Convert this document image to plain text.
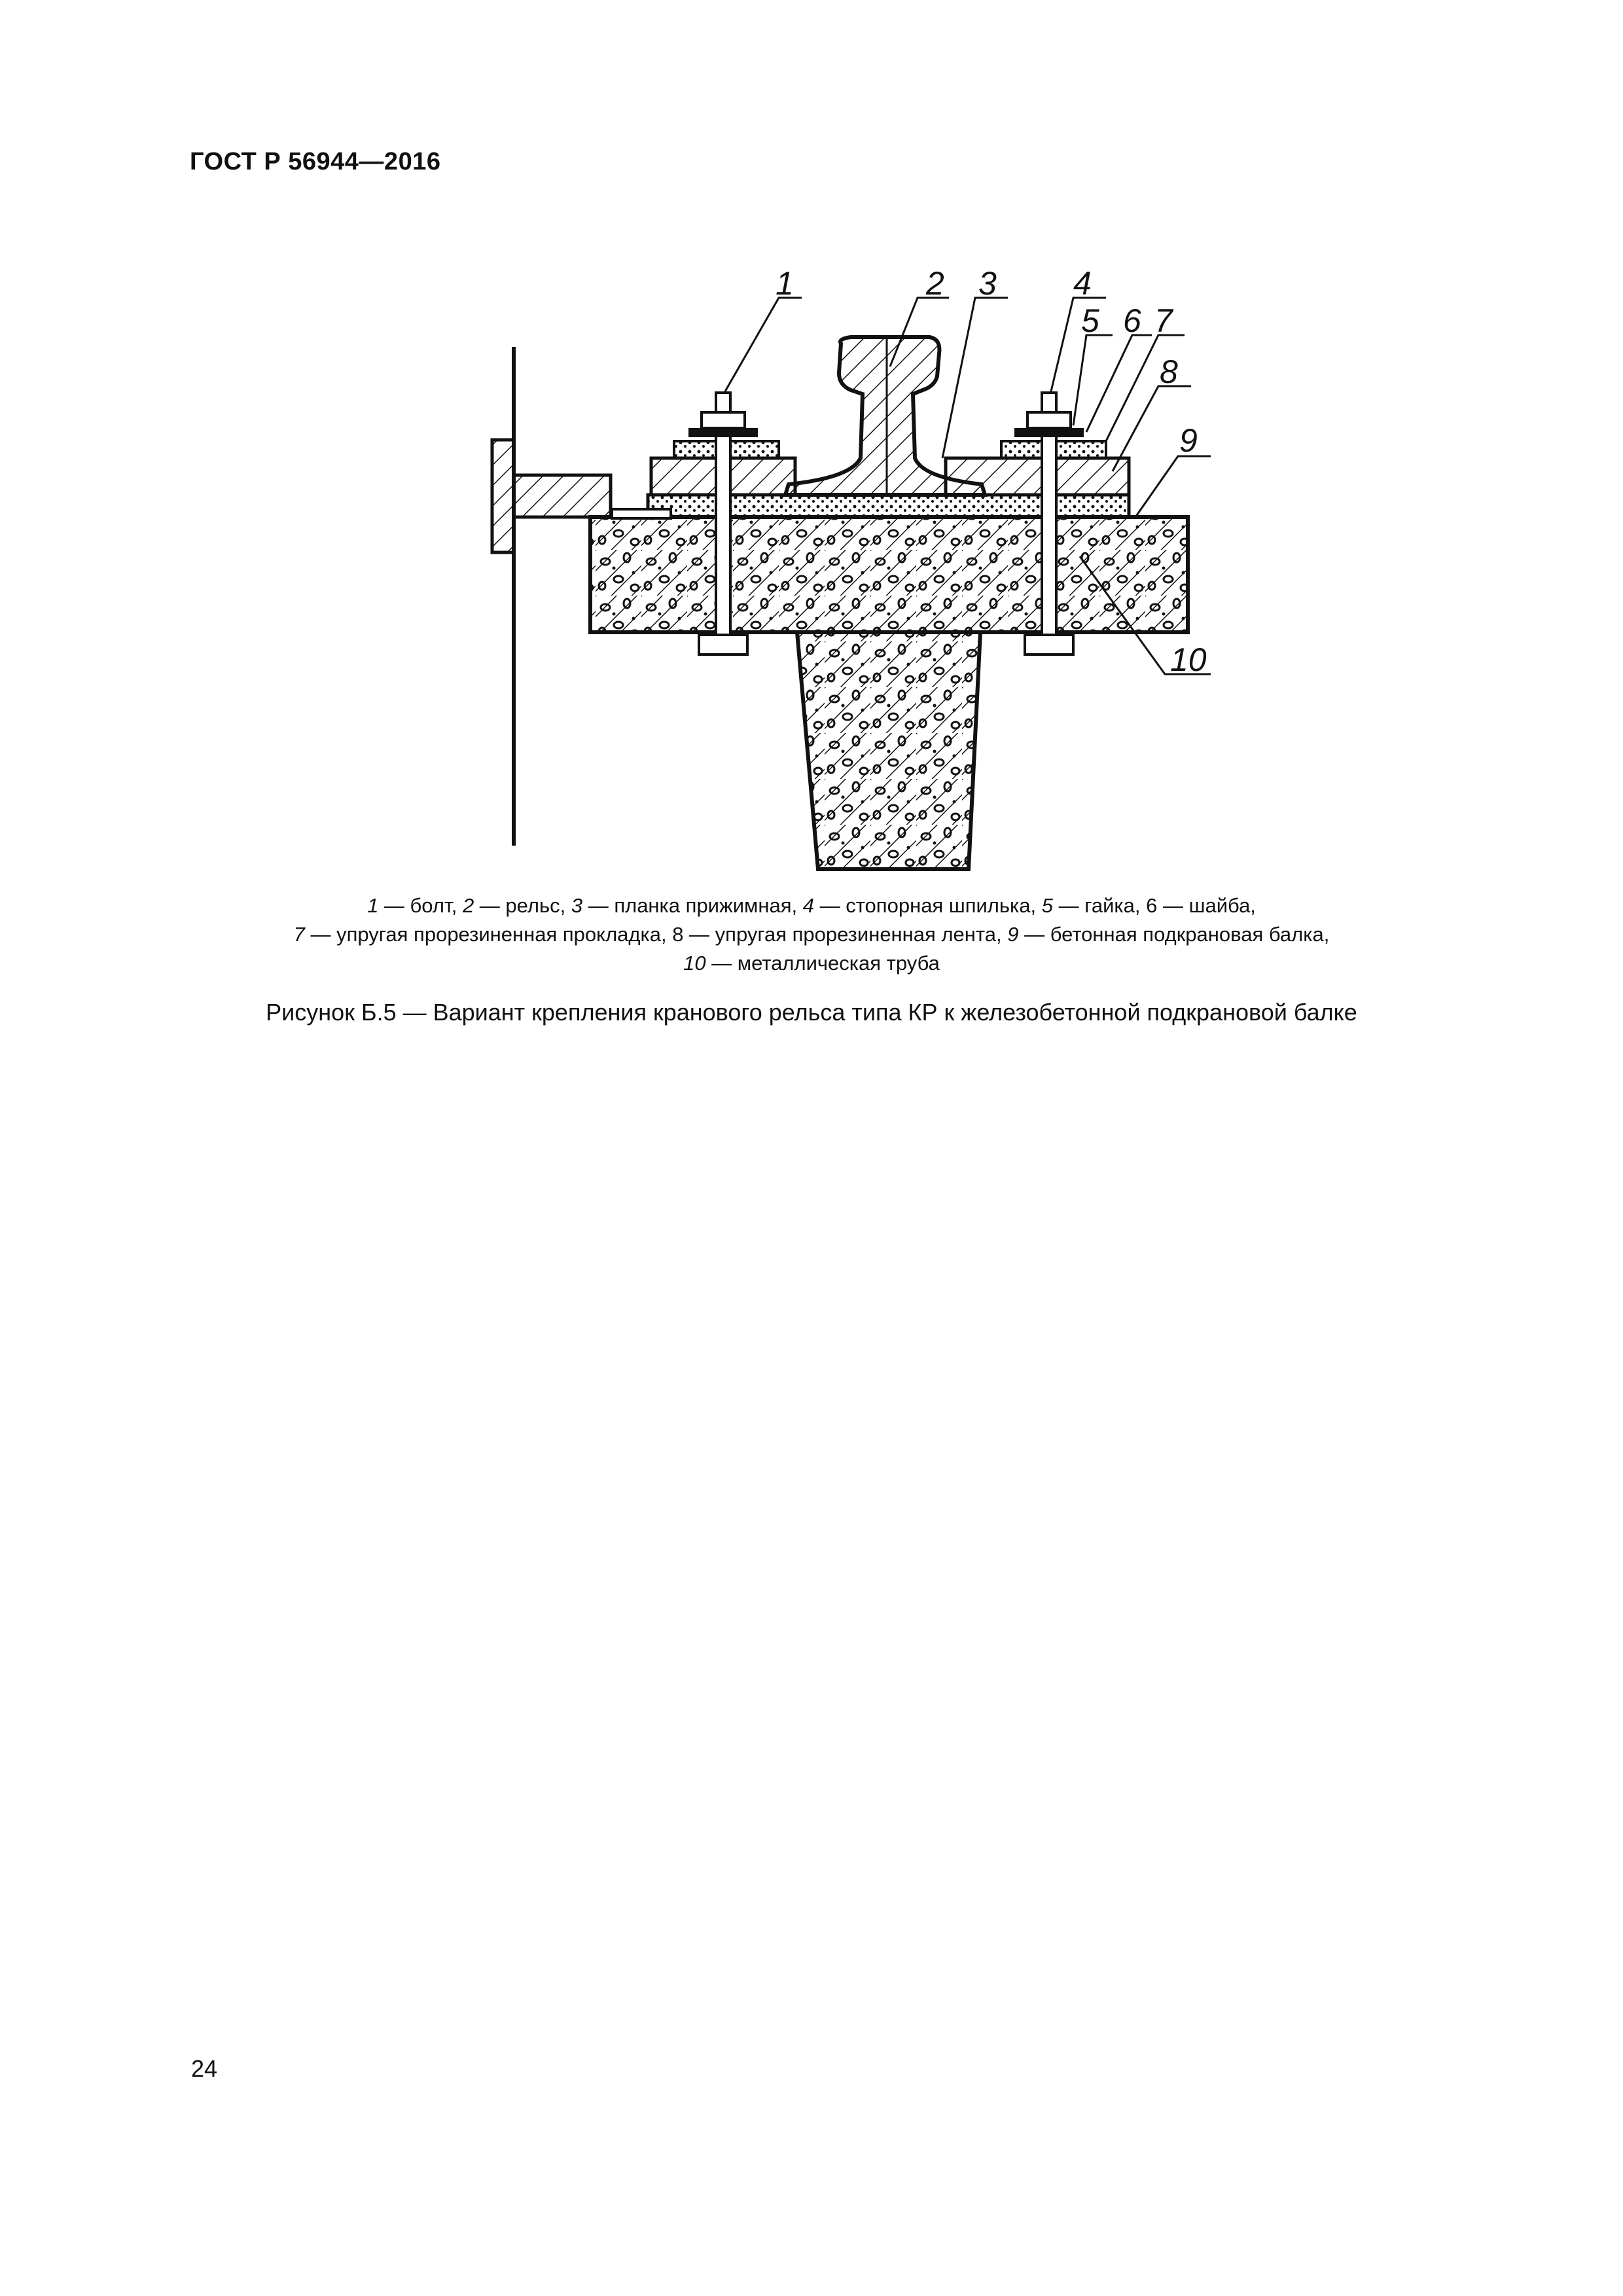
ГОСТ Р 56944—2016
1	2 3 4
5 6 7
8
9
10
1 — болт, 2 — рельс, 3 — планка прижимная, 4 — стопорная шпилька, 5 — гайка, 6 — шайба,
7 — упругая прорезиненная прокладка, 8 — упругая прорезиненная лента, 9 — бетонная подкрановая балка,
10 — металлическая труба
Рисунок Б.5 — Вариант крепления кранового рельса типа КР к железобетонной подкрановой балке
24
